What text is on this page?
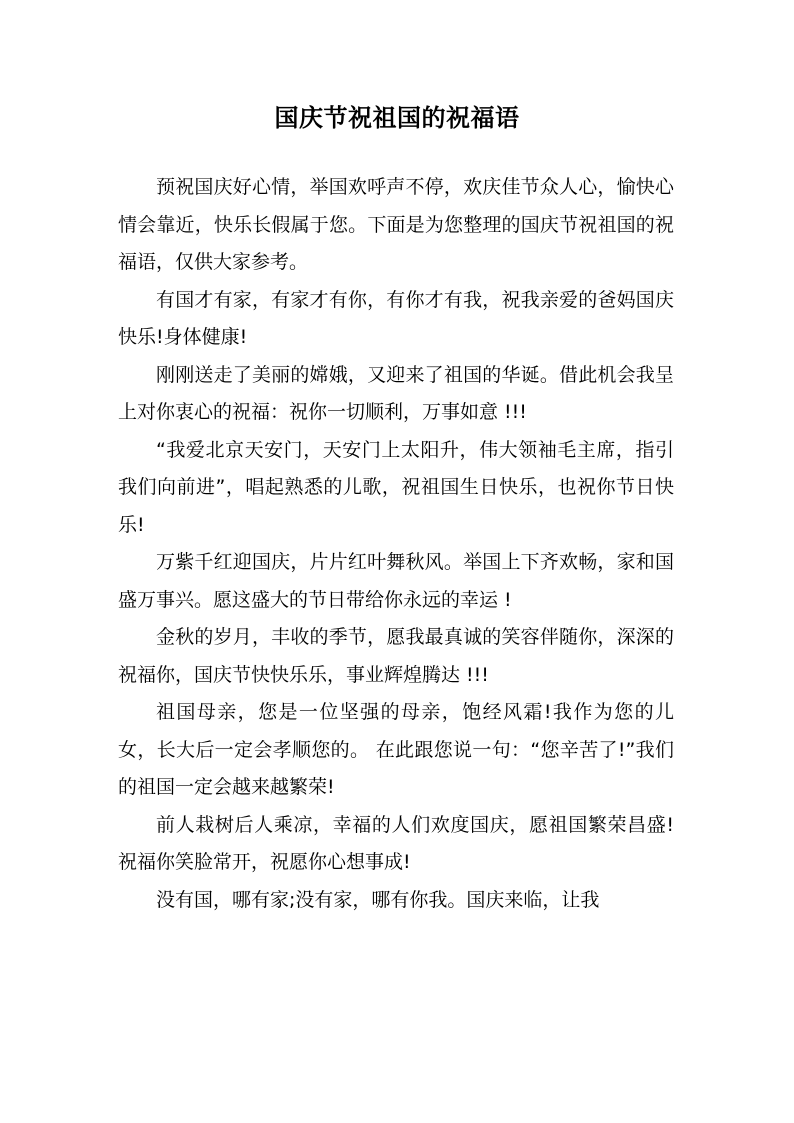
国庆节祝祖国的祝福语

预祝国庆好心情，举国欢呼声不停，欢庆佳节众人心，愉快心情会靠近，快乐长假属于您。下面是为您整理的国庆节祝祖国的祝福语，仅供大家参考。

有国才有家，有家才有你，有你才有我，祝我亲爱的爸妈国庆快乐!身体健康!

刚刚送走了美丽的嫦娥，又迎来了祖国的华诞。借此机会我呈上对你衷心的祝福：祝你一切顺利，万事如意 !!!

“我爱北京天安门，天安门上太阳升，伟大领袖毛主席，指引我们向前进”，唱起熟悉的儿歌，祝祖国生日快乐，也祝你节日快乐!

万紫千红迎国庆，片片红叶舞秋风。举国上下齐欢畅，家和国盛万事兴。愿这盛大的节日带给你永远的幸运 !

金秋的岁月，丰收的季节，愿我最真诚的笑容伴随你，深深的祝福你，国庆节快快乐乐，事业辉煌腾达 !!!

祖国母亲，您是一位坚强的母亲，饱经风霜!我作为您的儿女，长大后一定会孝顺您的。 在此跟您说一句：“您辛苦了!”我们的祖国一定会越来越繁荣!

前人栽树后人乘凉，幸福的人们欢度国庆，愿祖国繁荣昌盛!祝福你笑脸常开，祝愿你心想事成!

没有国，哪有家;没有家，哪有你我。国庆来临，让我
